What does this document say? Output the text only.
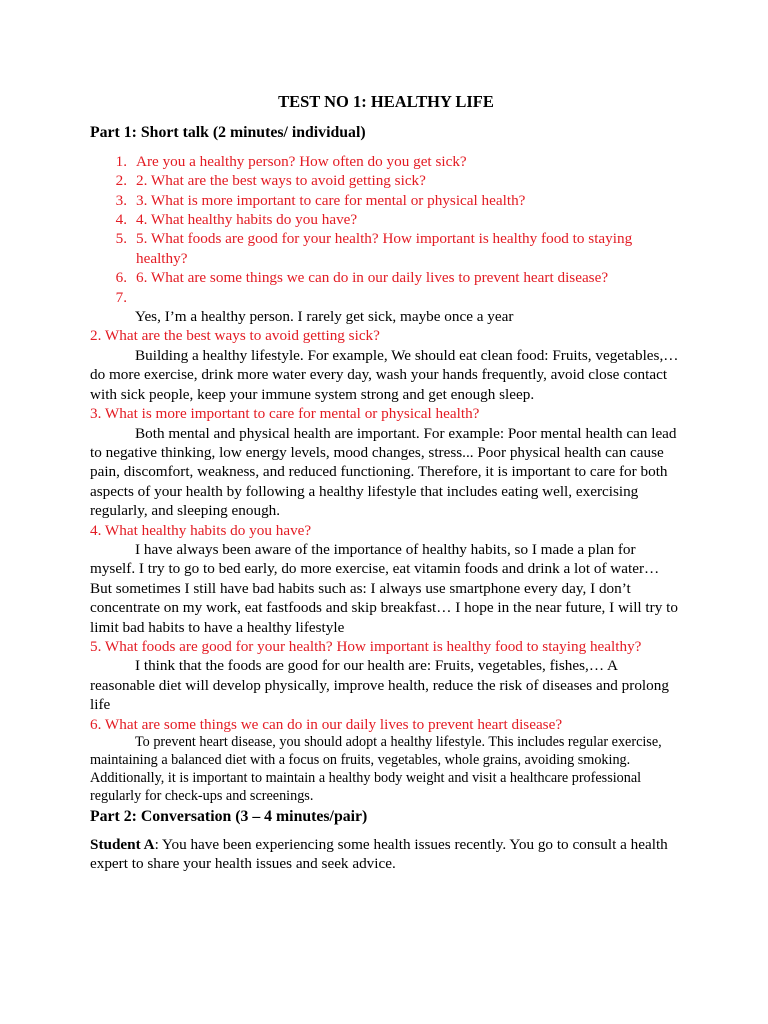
TEST NO 1: HEALTHY LIFE
Part 1: Short talk (2 minutes/ individual)
1. Are you a healthy person? How often do you get sick?
2. 2. What are the best ways to avoid getting sick?
3. 3. What is more important to care for mental or physical health?
4. 4. What healthy habits do you have?
5. 5. What foods are good for your health? How important is healthy food to staying healthy?
6. 6. What are some things we can do in our daily lives to prevent heart disease?
7.

Yes, I’m a healthy person. I rarely get sick, maybe once a year

2. What are the best ways to avoid getting sick?

Building a healthy lifestyle. For example, We should eat clean food: Fruits, vegetables,… do more exercise, drink more water every day, wash your hands frequently, avoid close contact with sick people, keep your immune system strong and get enough sleep.

3. What is more important to care for mental or physical health?

Both mental and physical health are important. For example: Poor mental health can lead to negative thinking, low energy levels, mood changes, stress... Poor physical health can cause pain, discomfort, weakness, and reduced functioning. Therefore, it is important to care for both aspects of your health by following a healthy lifestyle that includes eating well, exercising regularly, and sleeping enough.

4. What healthy habits do you have?

I have always been aware of the importance of healthy habits, so I made a plan for myself. I try to go to bed early, do more exercise, eat vitamin foods and drink a lot of water… But sometimes I still have bad habits such as: I always use smartphone every day, I don’t concentrate on my work, eat fastfoods and skip breakfast… I hope in the near future, I will try to limit bad habits to have a healthy lifestyle

5. What foods are good for your health? How important is healthy food to staying healthy?

I think that the foods are good for our health are: Fruits, vegetables, fishes,… A reasonable diet will develop physically, improve health, reduce the risk of diseases and prolong life

6. What are some things we can do in our daily lives to prevent heart disease?

To prevent heart disease, you should adopt a healthy lifestyle. This includes regular exercise, maintaining a balanced diet with a focus on fruits, vegetables, whole grains, avoiding smoking. Additionally, it is important to maintain a healthy body weight and visit a healthcare professional regularly for check-ups and screenings.

Part 2: Conversation (3 – 4 minutes/pair)

Student A: You have been experiencing some health issues recently. You go to consult a health expert to share your health issues and seek advice.
